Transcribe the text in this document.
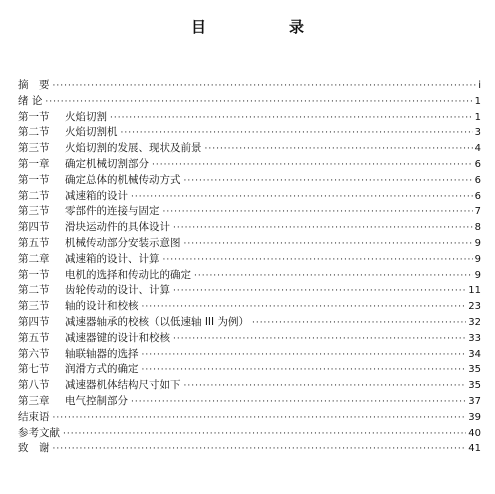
目　录
摘　要 ·····	i
绪 论 ·····	1
第一节 火焰切割 ·····	1
第二节 火焰切割机 ·····	3
第三节 火焰切割的发展、现状及前景 ·····	4
第一章 确定机械切割部分 ·····	6
第一节 确定总体的机械传动方式 ·····	6
第二节 减速箱的设计 ·····	6
第三节 零部件的连接与固定 ·····	7
第四节 滑块运动件的具体设计 ·····	8
第五节 机械传动部分安装示意图 ·····	9
第二章 减速箱的设计、计算 ·····	9
第一节 电机的选择和传动比的确定 ·····	9
第二节 齿轮传动的设计、计算 ·····	11
第三节 轴的设计和校核 ·····	23
第四节 减速器轴承的校核（以低速轴 III 为例） ·····	32
第五节 减速器键的设计和校核 ·····	33
第六节 轴联轴器的选择 ·····	34
第七节 润滑方式的确定 ·····	35
第八节 减速器机体结构尺寸如下 ·····	35
第三章 电气控制部分 ·····	37
结束语 ·····	39
参考文献 ·····	40
致　谢 ·····	41
